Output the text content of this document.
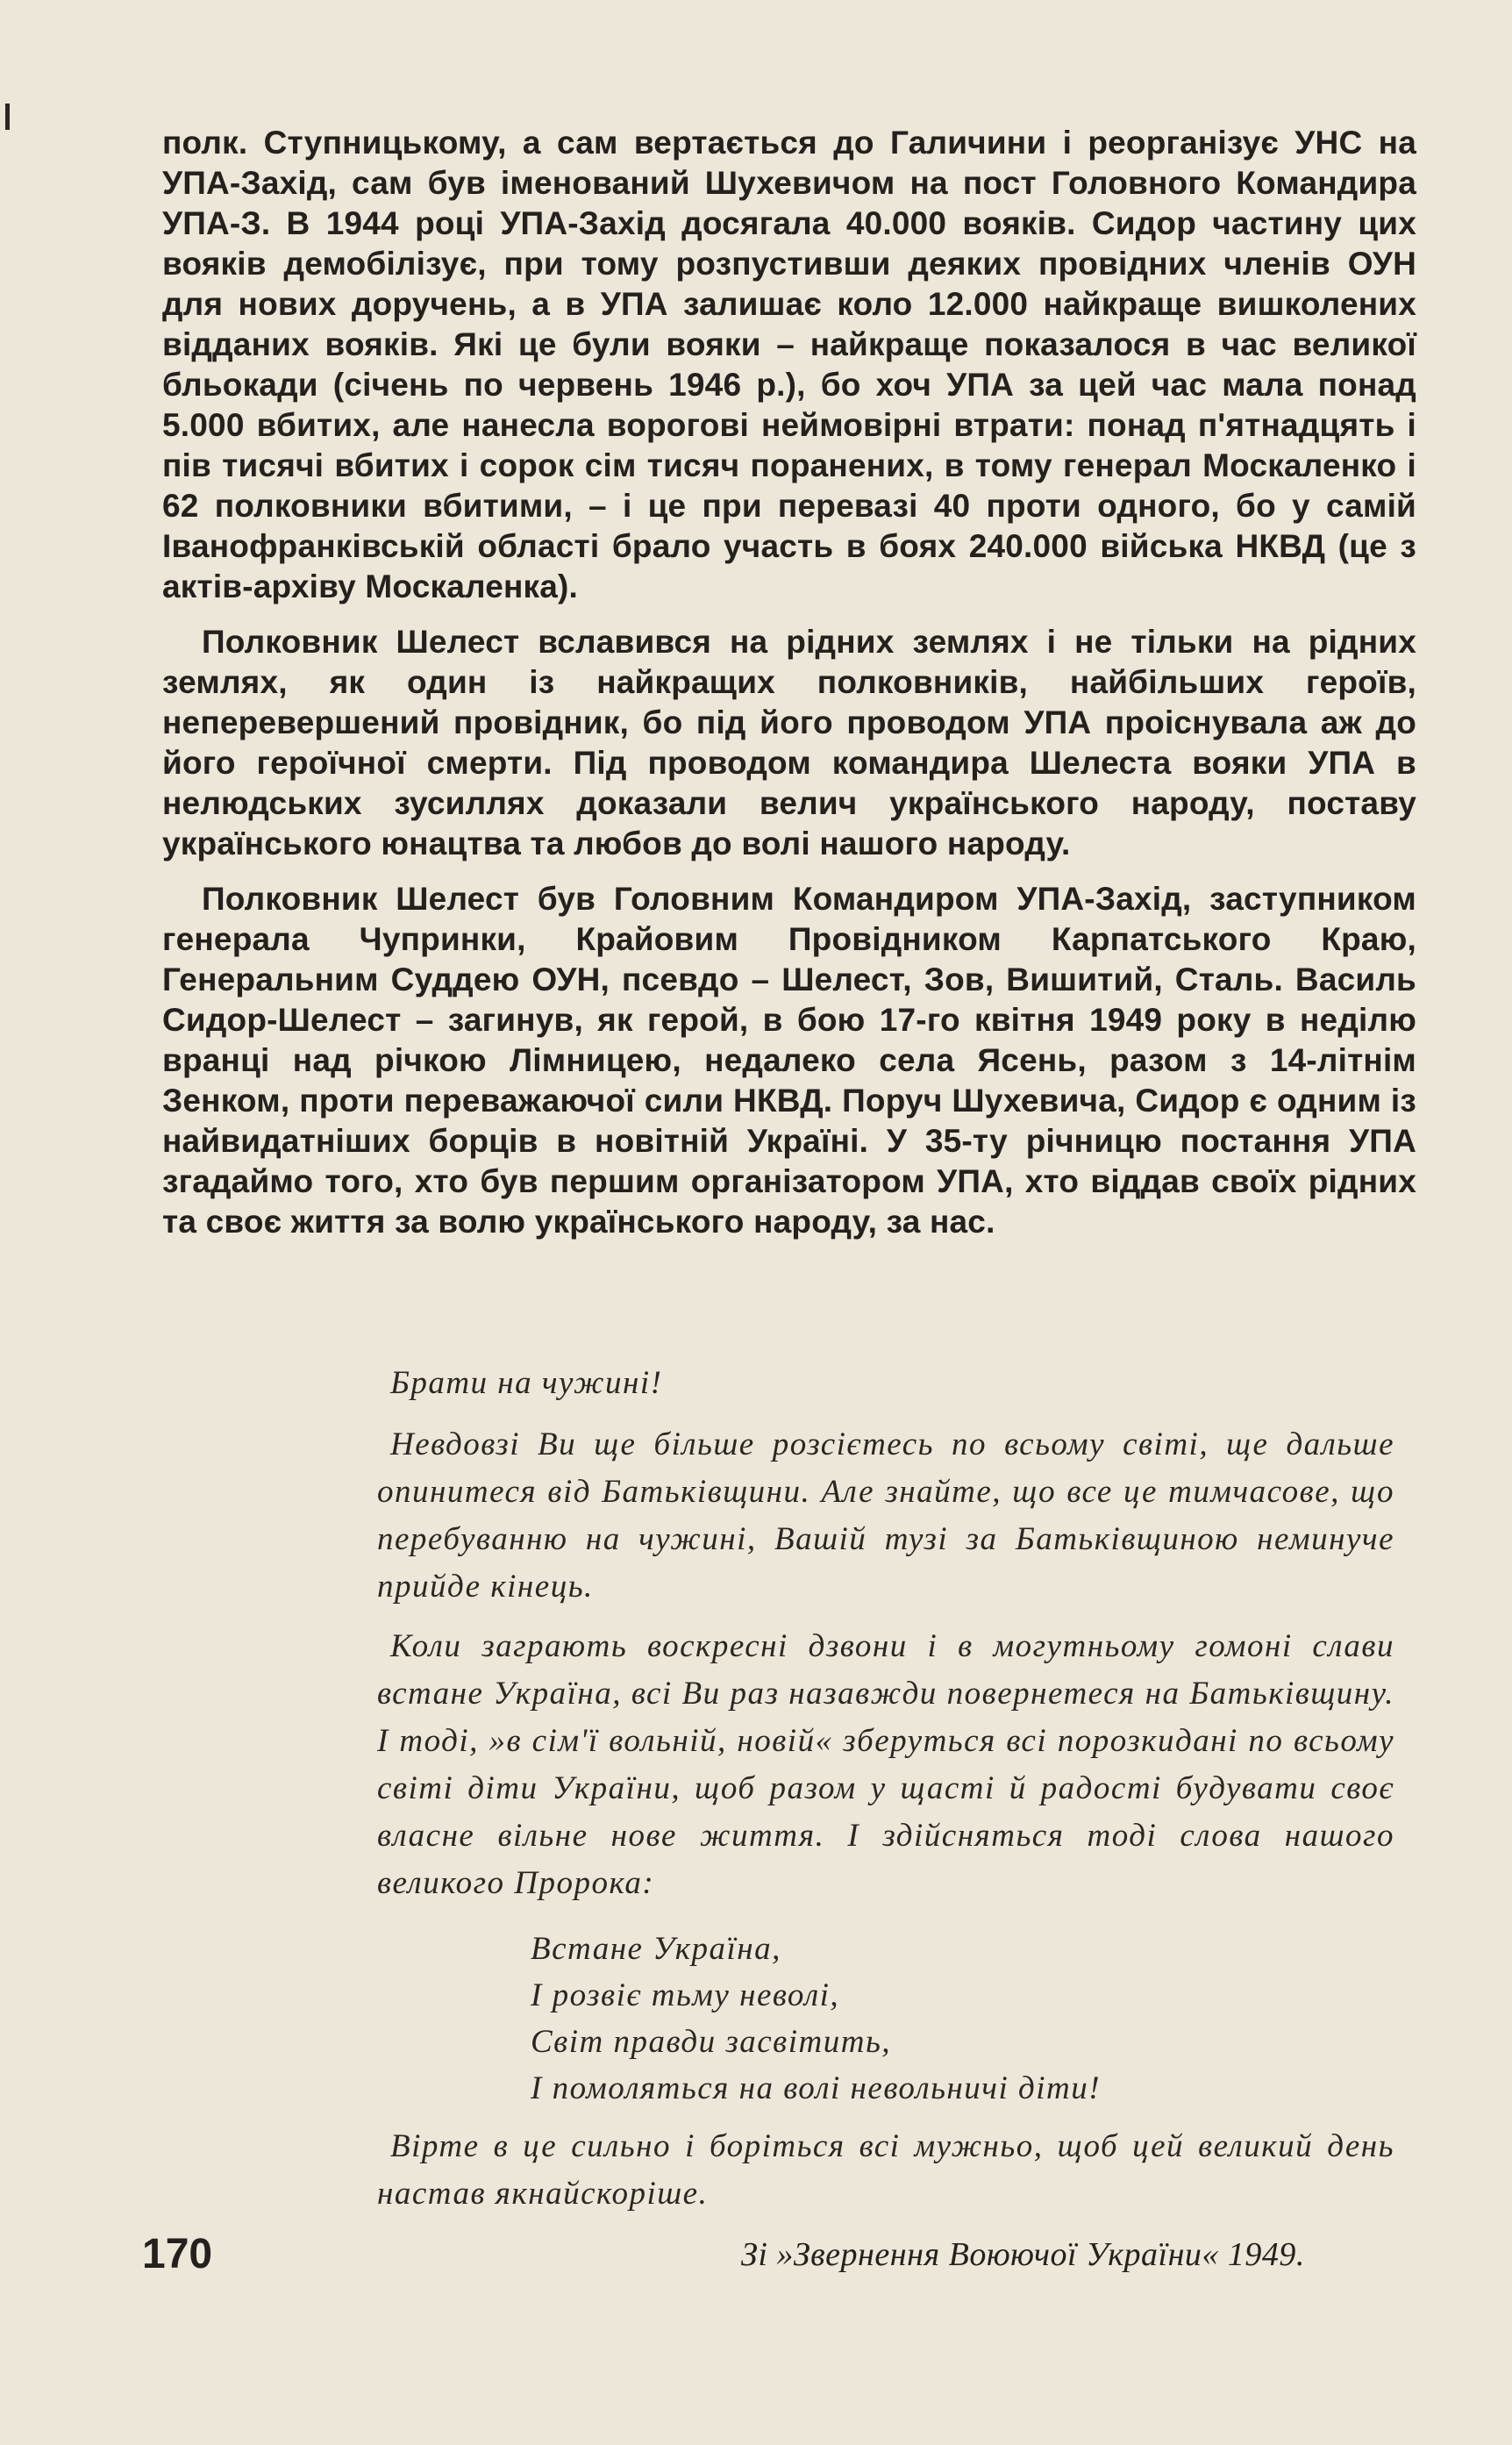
полк. Ступницькому, а сам вертається до Галичини і реорганізує УНС на УПА-Захід, сам був іменований Шухевичом на пост Головного Командира УПА-З. В 1944 році УПА-Захід досягала 40.000 вояків. Сидор частину цих вояків демобілізує, при тому розпустивши деяких провідних членів ОУН для нових доручень, а в УПА залишає коло 12.000 найкраще вишколених відданих вояків. Які це були вояки – найкраще показалося в час великої бльокади (січень по червень 1946 р.), бо хоч УПА за цей час мала понад 5.000 вбитих, але нанесла ворогові неймовірні втрати: понад п'ятнадцять і пів тисячі вбитих і сорок сім тисяч поранених, в тому генерал Москаленко і 62 полковники вбитими, – і це при перевазі 40 проти одного, бо у самій Іванофранківській області брало участь в боях 240.000 війська НКВД (це з актів-архіву Москаленка).

Полковник Шелест вславився на рідних землях і не тільки на рідних землях, як один із найкращих полковників, найбільших героїв, неперевершений провідник, бо під його проводом УПА проіснувала аж до його героїчної смерти. Під проводом командира Шелеста вояки УПА в нелюдських зусиллях доказали велич українського народу, поставу українського юнацтва та любов до волі нашого народу.

Полковник Шелест був Головним Командиром УПА-Захід, заступником генерала Чупринки, Крайовим Провідником Карпатського Краю, Генеральним Суддею ОУН, псевдо – Шелест, Зов, Вишитий, Сталь. Василь Сидор-Шелест – загинув, як герой, в бою 17-го квітня 1949 року в неділю вранці над річкою Лімницею, недалеко села Ясень, разом з 14-літнім Зенком, проти переважаючої сили НКВД. Поруч Шухевича, Сидор є одним із найвидатніших борців в новітній Україні. У 35-ту річницю постання УПА згадаймо того, хто був першим організатором УПА, хто віддав своїх рідних та своє життя за волю українського народу, за нас.

Брати на чужині!

Невдовзі Ви ще більше розсієтесь по всьому світі, ще дальше опинитеся від Батьківщини. Але знайте, що все це тимчасове, що перебуванню на чужині, Вашій тузі за Батьківщиною неминуче прийде кінець.

Коли заграють воскресні дзвони і в могутньому гомоні слави встане Україна, всі Ви раз назавжди повернетеся на Батьківщину. І тоді, »в сім'ї вольній, новій« зберуться всі порозкидані по всьому світі діти України, щоб разом у щасті й радості будувати своє власне вільне нове життя. І здійсняться тоді слова нашого великого Пророка:

Встане Україна,
І розвіє тьму неволі,
Світ правди засвітить,
І помоляться на волі невольничі діти!

Вірте в це сильно і боріться всі мужньо, щоб цей великий день настав якнайскоріше.

170	Зі »Звернення Воюючої України« 1949.
